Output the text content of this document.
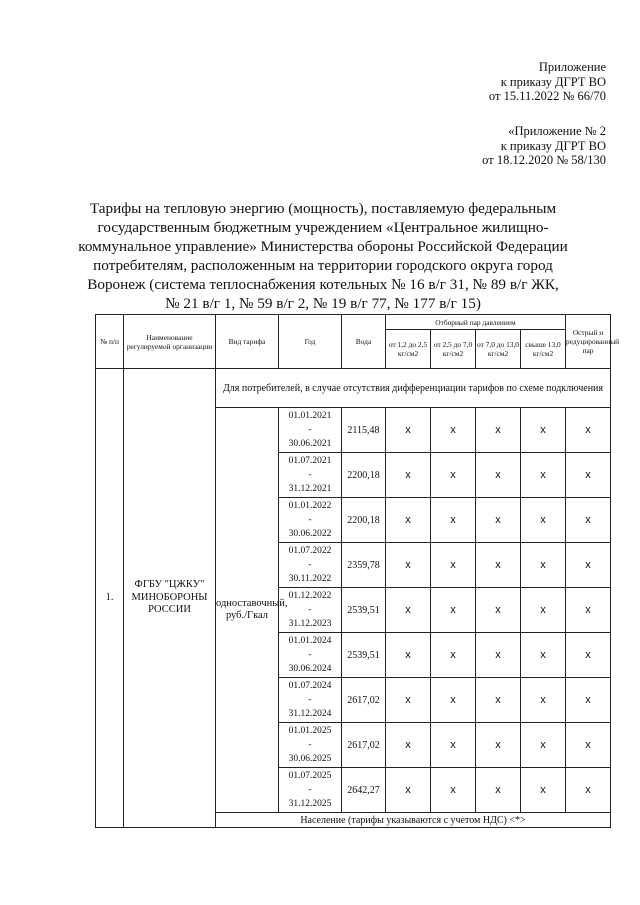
Приложение
к приказу ДГРТ ВО
от 15.11.2022 № 66/70
«Приложение № 2
к приказу ДГРТ ВО
от 18.12.2020 № 58/130
Тарифы на тепловую энергию (мощность), поставляемую федеральным
государственным бюджетным учреждением «Центральное жилищно-
коммунальное управление» Министерства обороны Российской Федерации
потребителям, расположенным на территории городского округа город
Воронеж (система теплоснабжения котельных № 16 в/г 31, № 89 в/г ЖК,
№ 21 в/г 1, № 59 в/г 2, № 19 в/г 77, № 177 в/г 15)
№ п/п	Наименование регулируемой организации	Вид тарифа	Год	Вода	Отборный пар давлением				Острый и редуцированный пар
					от 1,2 до 2,5 кг/см2	от 2,5 до 7,0 кг/см2	от 7,0 до 13,0 кг/см2	свыше 13,0 кг/см2	
1.	ФГБУ "ЦЖКУ" МИНОБОРОНЫ РОССИИ	Для потребителей, в случае отсутствия дифференциации тарифов по схеме подключения							
		одноставочный, руб./Гкал	01.01.2021
-
30.06.2021	2115,48	х	х	х	х	х

			01.07.2021
-
31.12.2021	2200,18	х	х	х	х	х

			01.01.2022
-
30.06.2022	2200,18	х	х	х	х	х

			01.07.2022
-
30.11.2022	2359,78	х	х	х	х	х

			01.12.2022
-
31.12.2023	2539,51	х	х	х	х	х

			01.01.2024
-
30.06.2024	2539,51	х	х	х	х	х

			01.07.2024
-
31.12.2024	2617,02	х	х	х	х	х

			01.01.2025
-
30.06.2025	2617,02	х	х	х	х	х

			01.07.2025
-
31.12.2025	2642,27	х	х	х	х	х
		Население (тарифы указываются с учетом НДС) <*>							
